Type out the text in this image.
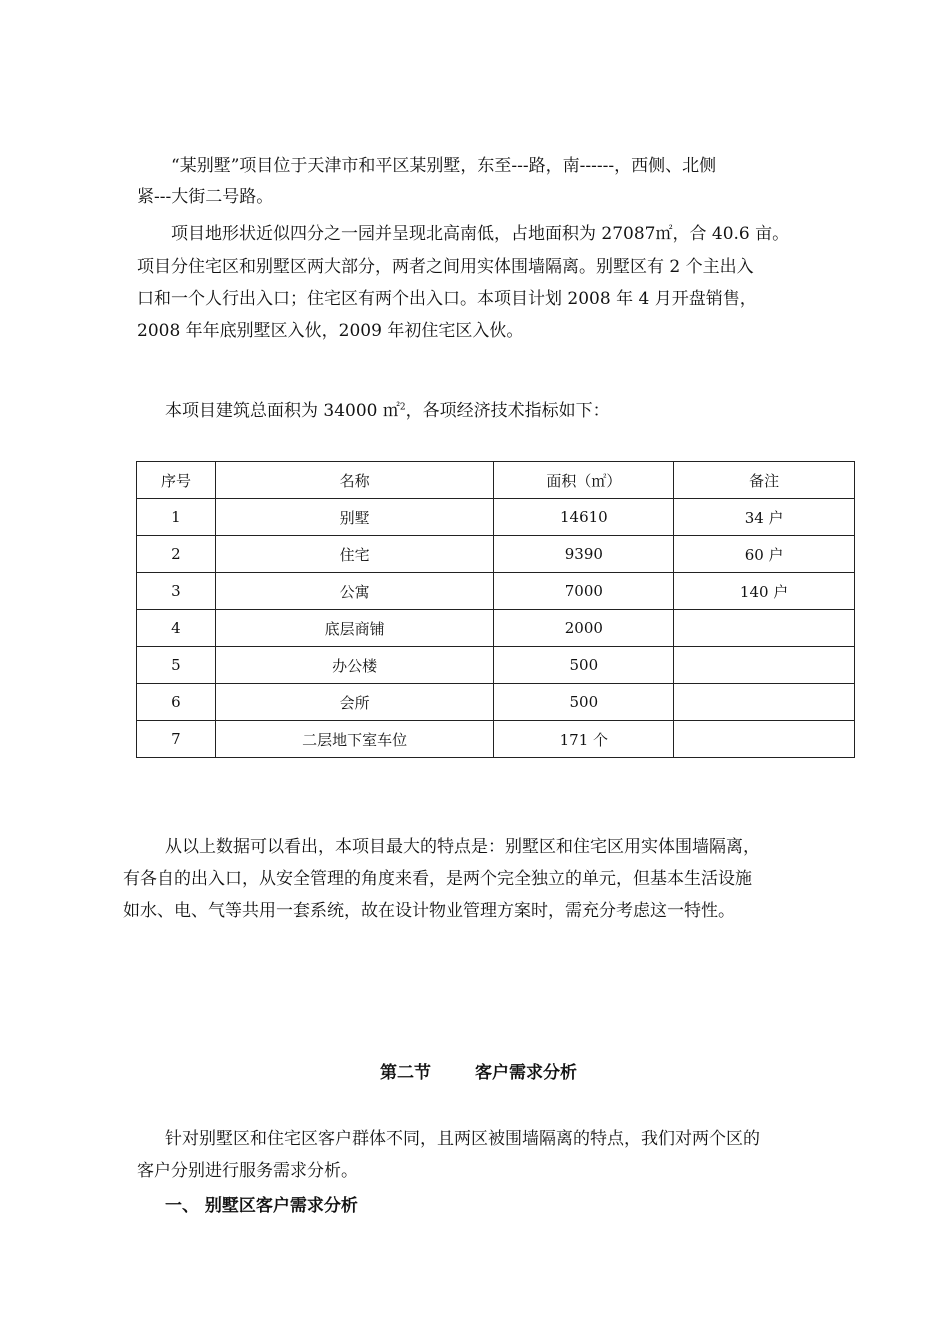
“某别墅”项目位于天津市和平区某别墅，东至---路，南------，西侧、北侧
紧---大街二号路。
项目地形状近似四分之一园并呈现北高南低，占地面积为 27087㎡，合 40.6 亩。
项目分住宅区和别墅区两大部分，两者之间用实体围墙隔离。别墅区有 2 个主出入
口和一个人行出入口；住宅区有两个出入口。本项目计划 2008 年 4 月开盘销售，
2008 年年底别墅区入伙，2009 年初住宅区入伙。
本项目建筑总面积为 34000 ㎡$^2$，各项经济技术指标如下：
序号	名称	面积（㎡）	备注
1	别墅	14610	34 户
2	住宅	9390	60 户
3	公寓	7000	140 户
4	底层商铺	2000	
5	办公楼	500	
6	会所	500	
7	二层地下室车位	171 个	
从以上数据可以看出，本项目最大的特点是：别墅区和住宅区用实体围墙隔离，
有各自的出入口，从安全管理的角度来看，是两个完全独立的单元，但基本生活设施
如水、电、气等共用一套系统，故在设计物业管理方案时，需充分考虑这一特性。
第二节	客户需求分析
针对别墅区和住宅区客户群体不同，且两区被围墙隔离的特点，我们对两个区的
客户分别进行服务需求分析。
一、 别墅区客户需求分析
